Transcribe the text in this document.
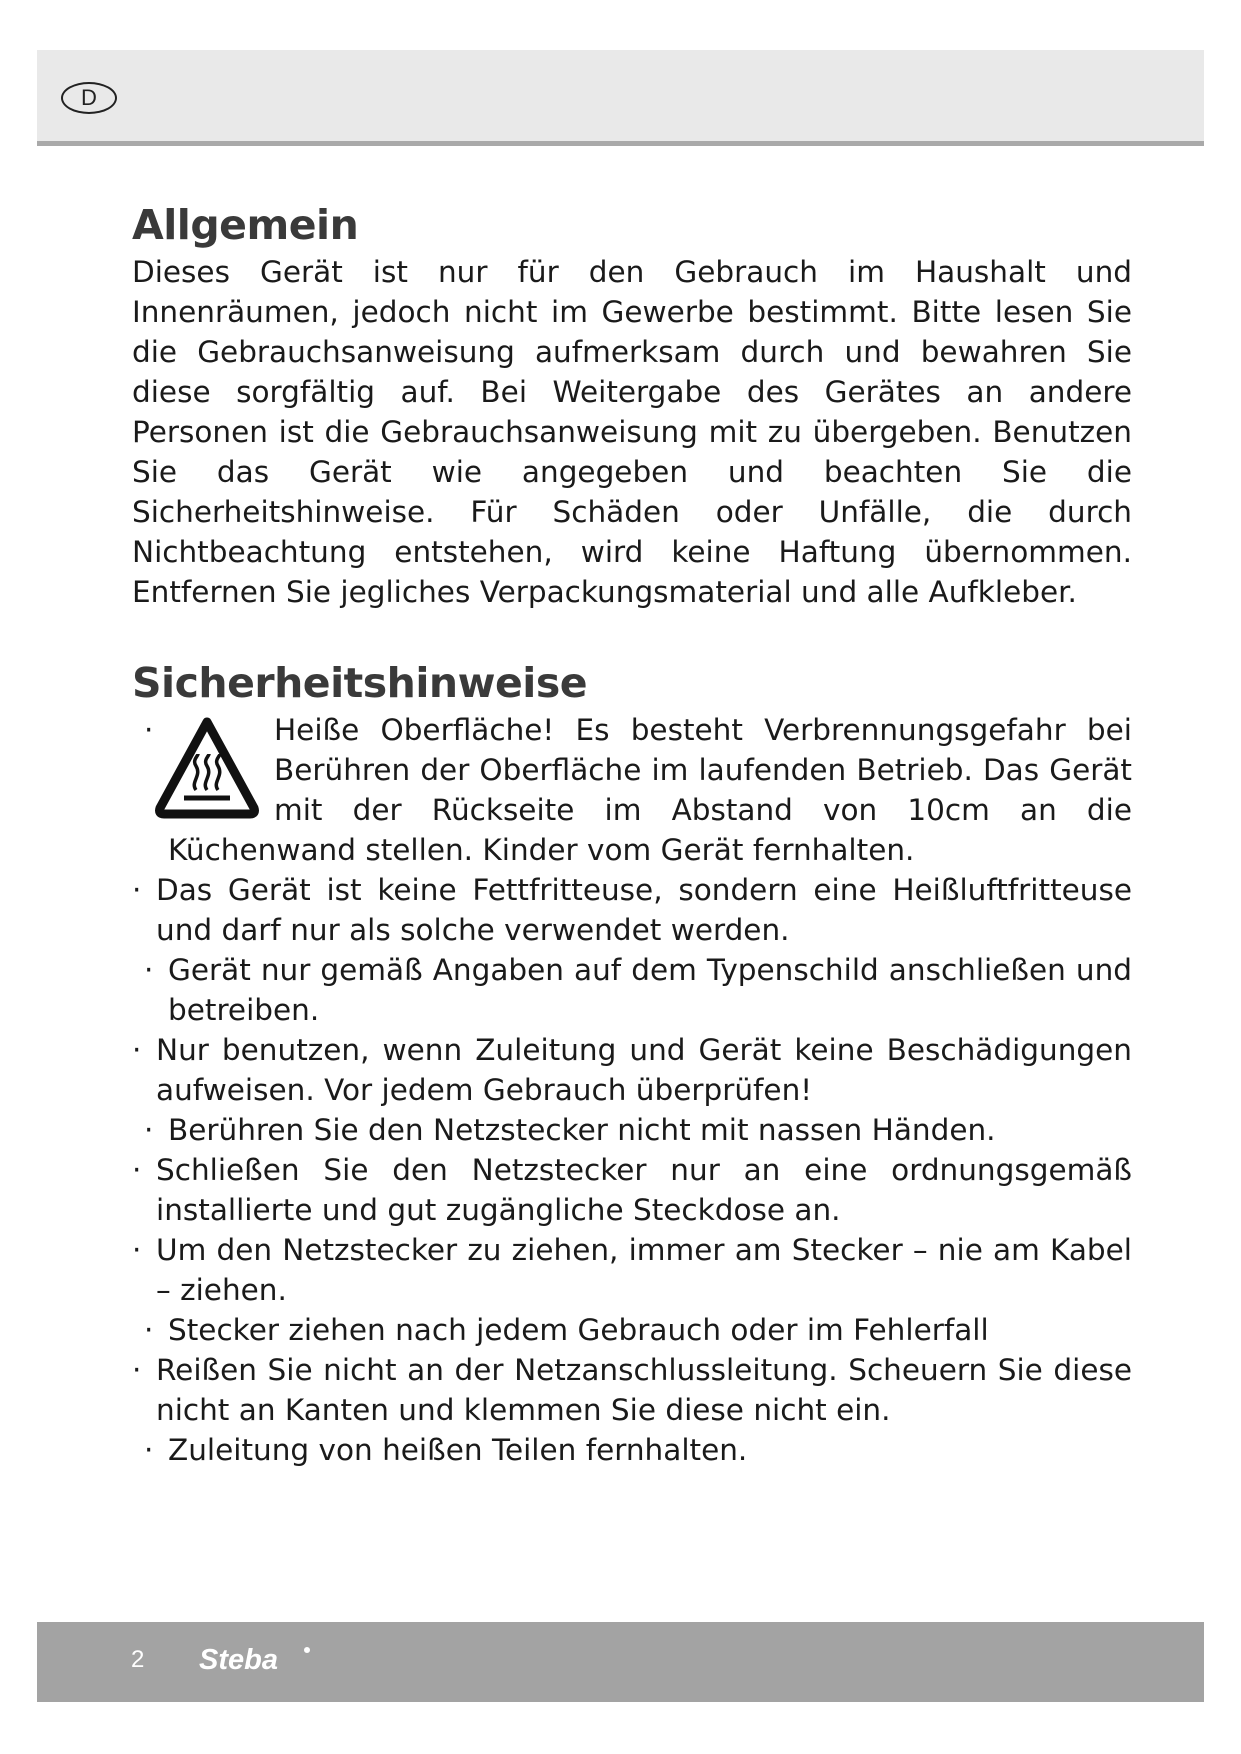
D
Allgemein

Dieses Gerät ist nur für den Gebrauch im Haushalt und Innenräumen, jedoch nicht im Gewerbe bestimmt. Bitte lesen Sie die Gebrauchsanweisung aufmerksam durch und bewahren Sie diese sorgfältig auf. Bei Weitergabe des Gerätes an andere Personen ist die Gebrauchsanweisung mit zu übergeben. Benutzen Sie das Gerät wie angegeben und beachten Sie die Sicherheitshinweise. Für Schäden oder Unfälle, die durch Nichtbeachtung entstehen, wird keine Haftung übernommen. Entfernen Sie jegliches Verpackungsmaterial und alle Aufkleber.

Sicherheitshinweise
· Heiße Oberfläche! Es besteht Verbrennungsgefahr bei Berühren der Oberfläche im laufenden Betrieb. Das Gerät mit der Rückseite im Abstand von 10cm an die Küchenwand stellen. Kinder vom Gerät fernhalten.
· Das Gerät ist keine Fettfritteuse, sondern eine Heißluftfritteuse und darf nur als solche verwendet werden.
· Gerät nur gemäß Angaben auf dem Typenschild anschließen und betreiben.
· Nur benutzen, wenn Zuleitung und Gerät keine Beschädigungen aufweisen. Vor jedem Gebrauch überprüfen!
· Berühren Sie den Netzstecker nicht mit nassen Händen.
· Schließen Sie den Netzstecker nur an eine ordnungsgemäß installierte und gut zugängliche Steckdose an.
· Um den Netzstecker zu ziehen, immer am Stecker – nie am Kabel – ziehen.
· Stecker ziehen nach jedem Gebrauch oder im Fehlerfall
· Reißen Sie nicht an der Netzanschlussleitung. Scheuern Sie diese nicht an Kanten und klemmen Sie diese nicht ein.
· Zuleitung von heißen Teilen fernhalten.
2 Steba
